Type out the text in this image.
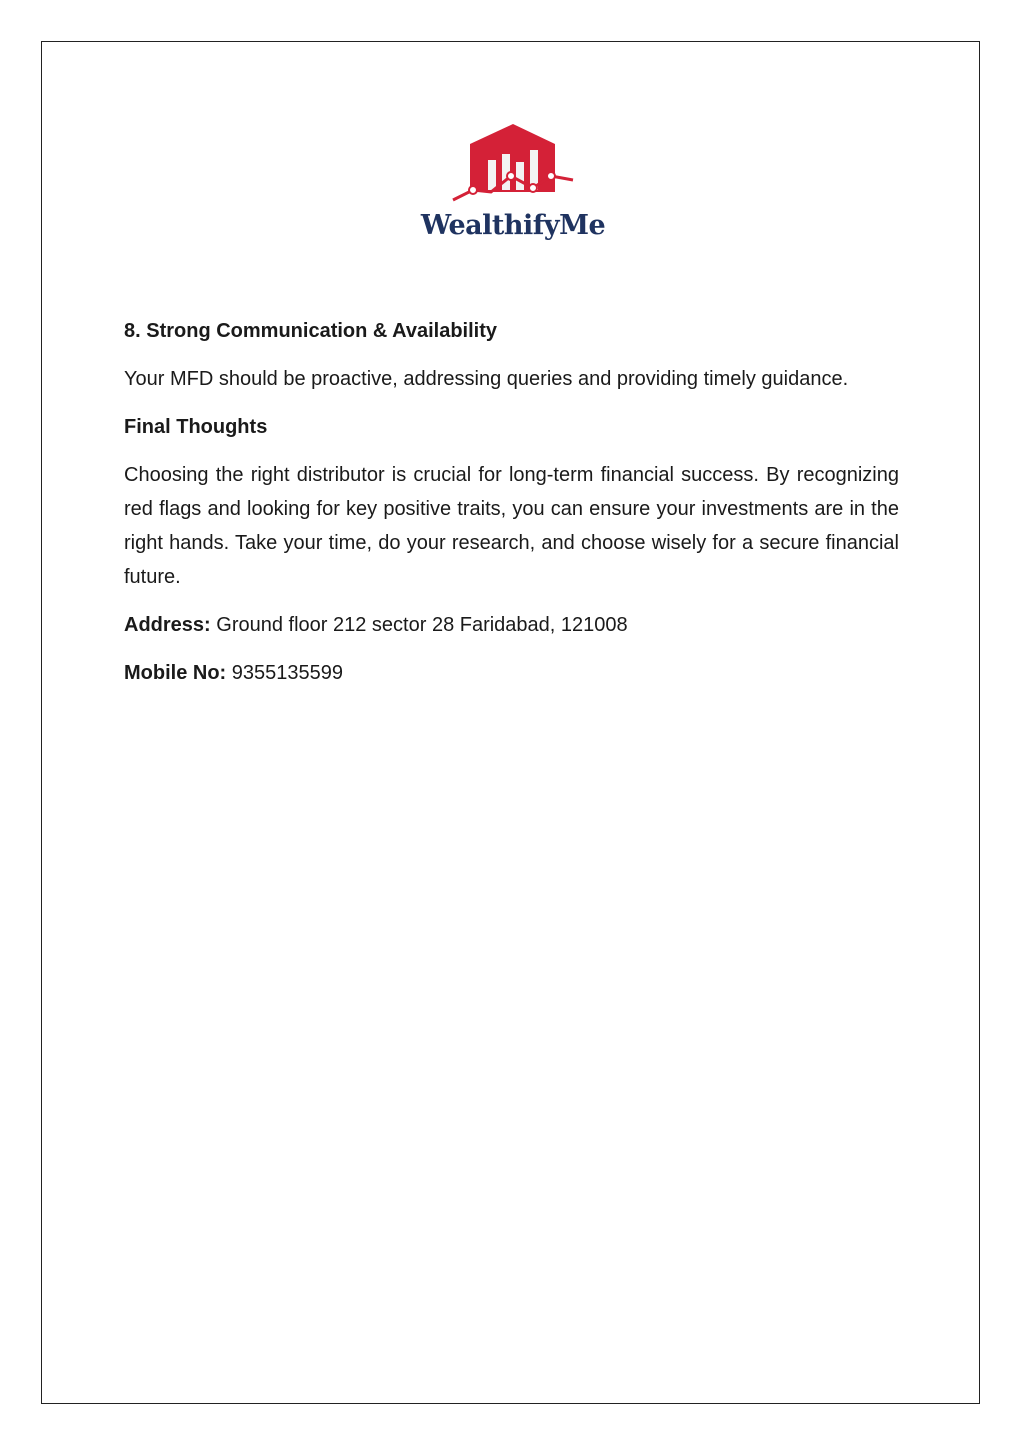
WealthifyMe
8. Strong Communication & Availability
Your MFD should be proactive, addressing queries and providing timely guidance.
Final Thoughts
Choosing the right distributor is crucial for long-term financial success. By recognizing red flags and looking for key positive traits, you can ensure your investments are in the right hands. Take your time, do your research, and choose wisely for a secure financial future.
Address: Ground floor 212 sector 28 Faridabad, 121008
Mobile No: 9355135599
